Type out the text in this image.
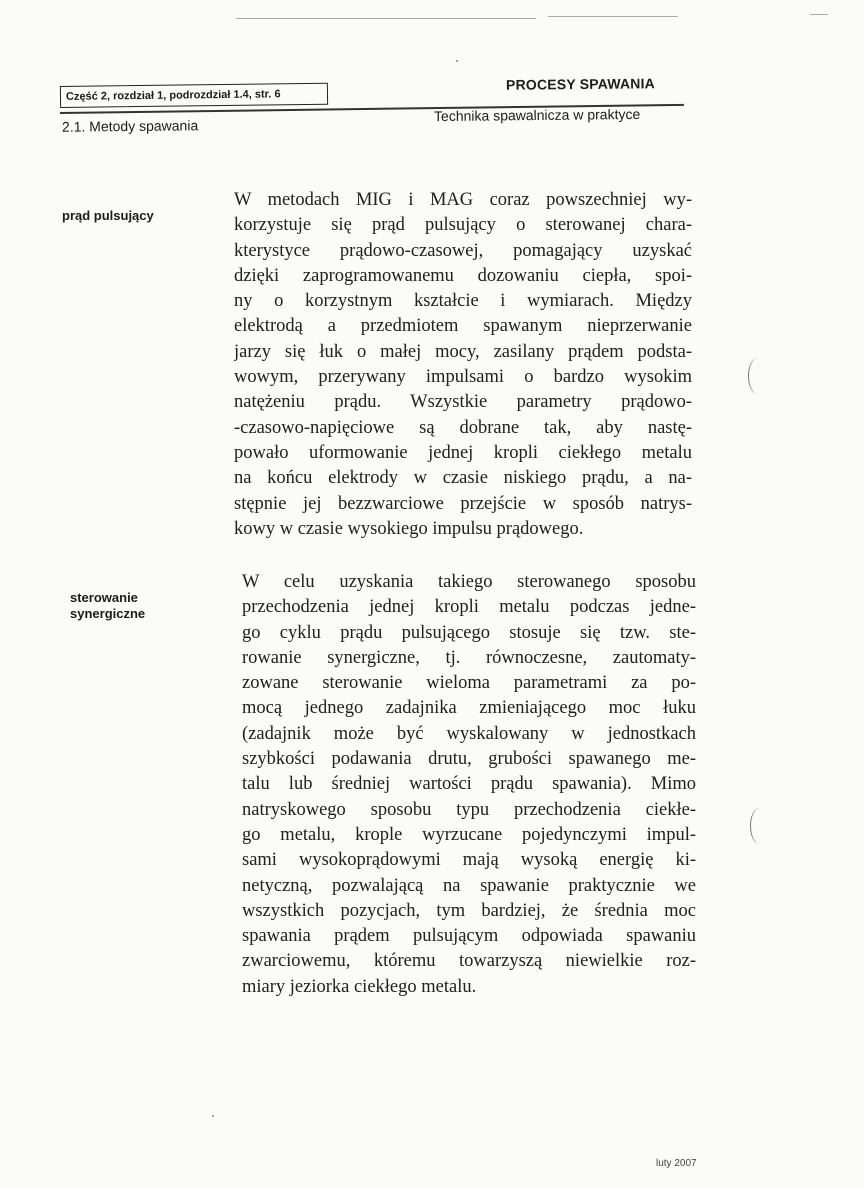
Część 2, rozdział 1, podrozdział 1.4, str. 6
PROCESY SPAWANIA
2.1. Metody spawania
Technika spawalnicza w praktyce
prąd pulsujący
W metodach MIG i MAG coraz powszechniej wy-
korzystuje się prąd pulsujący o sterowanej chara-
kterystyce prądowo-czasowej, pomagający uzyskać
dzięki zaprogramowanemu dozowaniu ciepła, spoi-
ny o korzystnym kształcie i wymiarach. Między
elektrodą a przedmiotem spawanym nieprzerwanie
jarzy się łuk o małej mocy, zasilany prądem podsta-
wowym, przerywany impulsami o bardzo wysokim
natężeniu prądu. Wszystkie parametry prądowo-
-czasowo-napięciowe są dobrane tak, aby nastę-
powało uformowanie jednej kropli ciekłego metalu
na końcu elektrody w czasie niskiego prądu, a na-
stępnie jej bezzwarciowe przejście w sposób natrys-
kowy w czasie wysokiego impulsu prądowego.
sterowanie
synergiczne
W celu uzyskania takiego sterowanego sposobu
przechodzenia jednej kropli metalu podczas jedne-
go cyklu prądu pulsującego stosuje się tzw. ste-
rowanie synergiczne, tj. równoczesne, zautomaty-
zowane sterowanie wieloma parametrami za po-
mocą jednego zadajnika zmieniającego moc łuku
(zadajnik może być wyskalowany w jednostkach
szybkości podawania drutu, grubości spawanego me-
talu lub średniej wartości prądu spawania). Mimo
natryskowego sposobu typu przechodzenia ciekłe-
go metalu, krople wyrzucane pojedynczymi impul-
sami wysokoprądowymi mają wysoką energię ki-
netyczną, pozwalającą na spawanie praktycznie we
wszystkich pozycjach, tym bardziej, że średnia moc
spawania prądem pulsującym odpowiada spawaniu
zwarciowemu, któremu towarzyszą niewielkie roz-
miary jeziorka ciekłego metalu.
luty 2007
